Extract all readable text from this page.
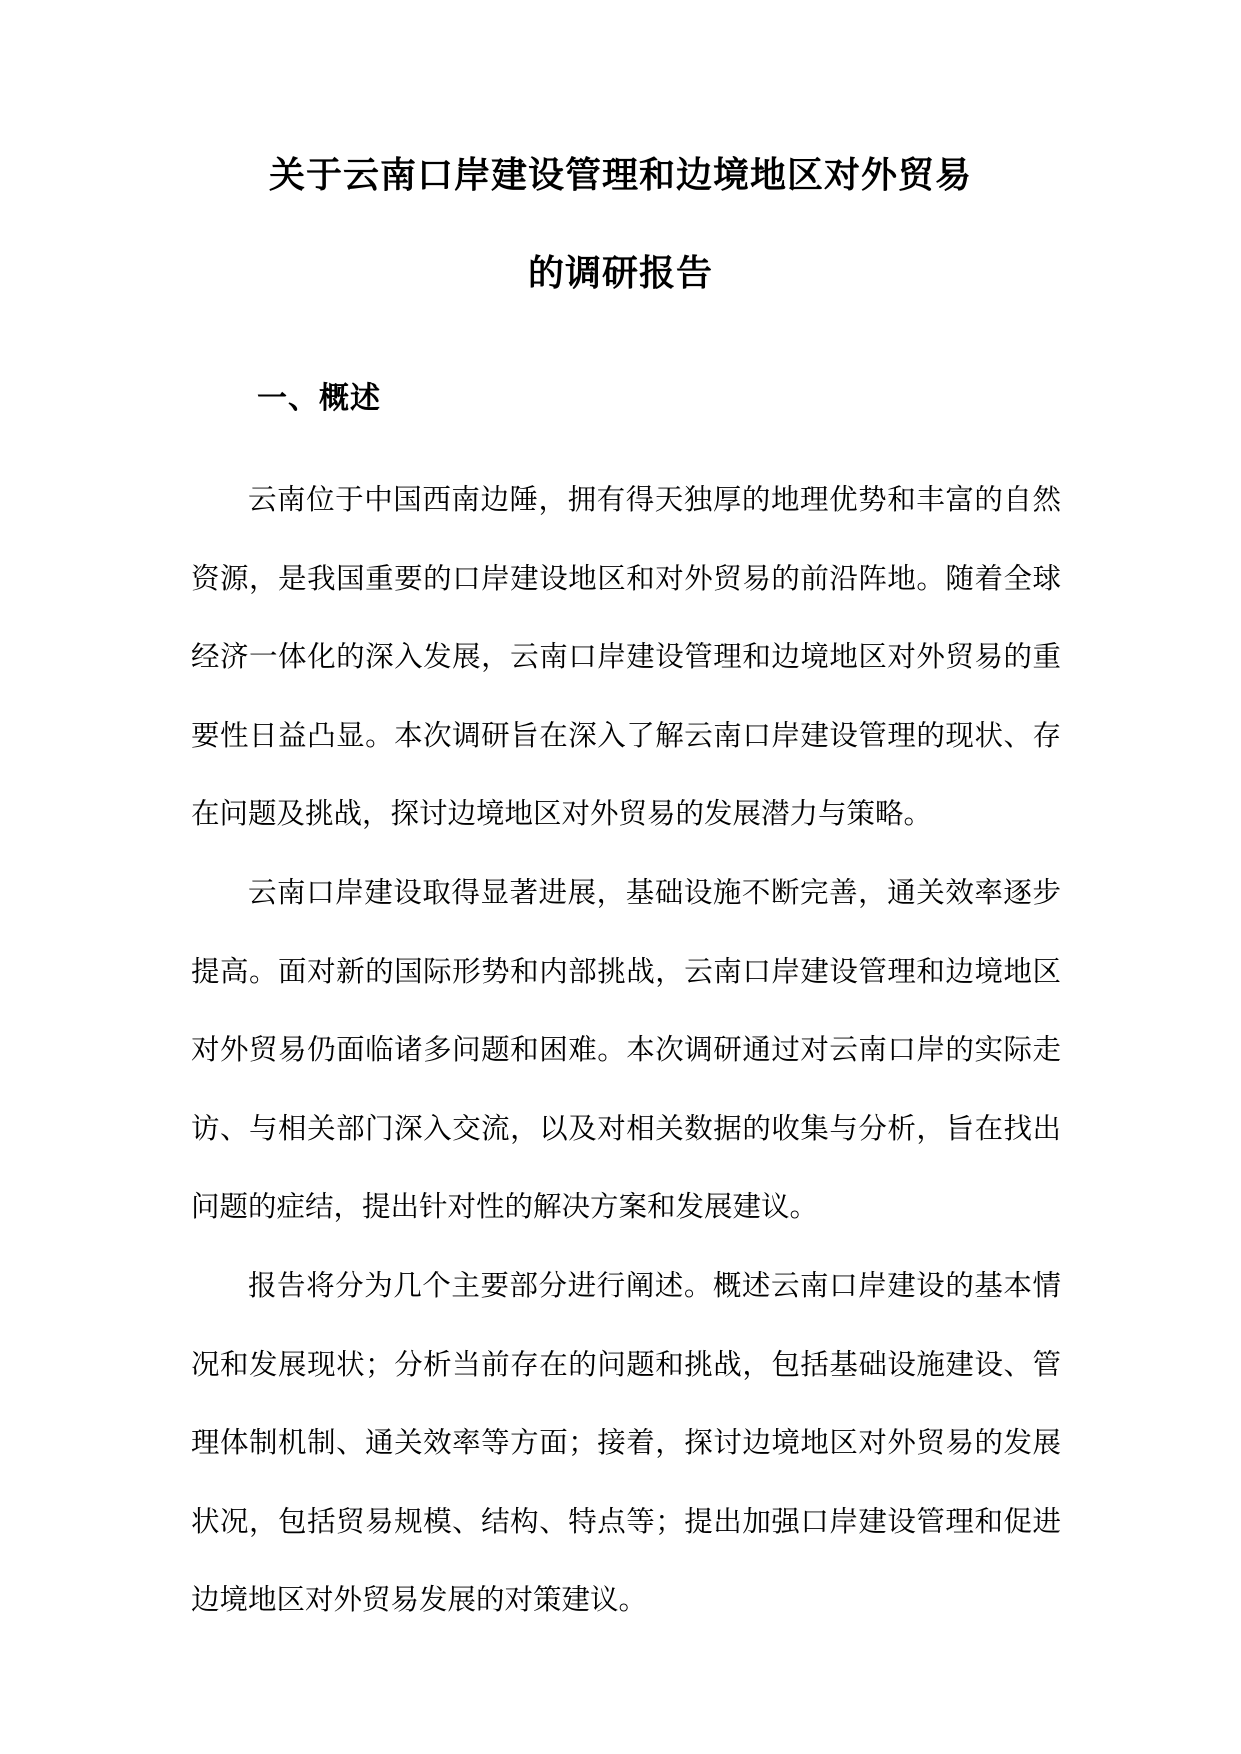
关于云南口岸建设管理和边境地区对外贸易
的调研报告
一、概述

云南位于中国西南边陲，拥有得天独厚的地理优势和丰富的自然资源，是我国重要的口岸建设地区和对外贸易的前沿阵地。随着全球经济一体化的深入发展，云南口岸建设管理和边境地区对外贸易的重要性日益凸显。本次调研旨在深入了解云南口岸建设管理的现状、存在问题及挑战，探讨边境地区对外贸易的发展潜力与策略。

云南口岸建设取得显著进展，基础设施不断完善，通关效率逐步提高。面对新的国际形势和内部挑战，云南口岸建设管理和边境地区对外贸易仍面临诸多问题和困难。本次调研通过对云南口岸的实际走访、与相关部门深入交流，以及对相关数据的收集与分析，旨在找出问题的症结，提出针对性的解决方案和发展建议。

报告将分为几个主要部分进行阐述。概述云南口岸建设的基本情况和发展现状；分析当前存在的问题和挑战，包括基础设施建设、管理体制机制、通关效率等方面；接着，探讨边境地区对外贸易的发展状况，包括贸易规模、结构、特点等；提出加强口岸建设管理和促进边境地区对外贸易发展的对策建议。
